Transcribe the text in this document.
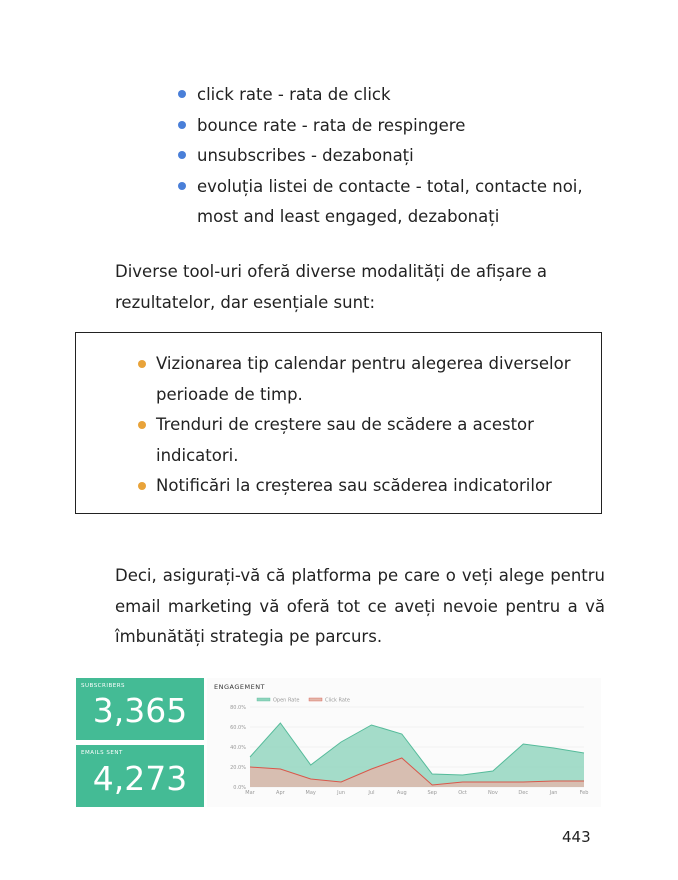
click rate - rata de click
bounce rate - rata de respingere
unsubscribes - dezabonați
evoluția listei de contacte - total, contacte noi, most and least engaged, dezabonați

Diverse tool-uri oferă diverse modalități de afișare a rezultatelor, dar esențiale sunt:

Vizionarea tip calendar pentru alegerea diverselor perioade de timp.
Trenduri de creștere sau de scădere a acestor indicatori.
Notificări la creșterea sau scăderea indicatorilor

Deci, asigurați-vă că platforma pe care o veți alege pentru email marketing vă oferă tot ce aveți nevoie pentru a vă îmbunătăți strategia pe parcurs.

SUBSCRIBERS
3,365
EMAILS SENT
4,273
ENGAGEMENT
0.0%
20.0%
40.0%
60.0%
80.0%
Mar	Apr	May	Jun	Jul	Aug	Sep	Oct	Nov	Dec	Jan	Feb
Open Rate	Click Rate
443
